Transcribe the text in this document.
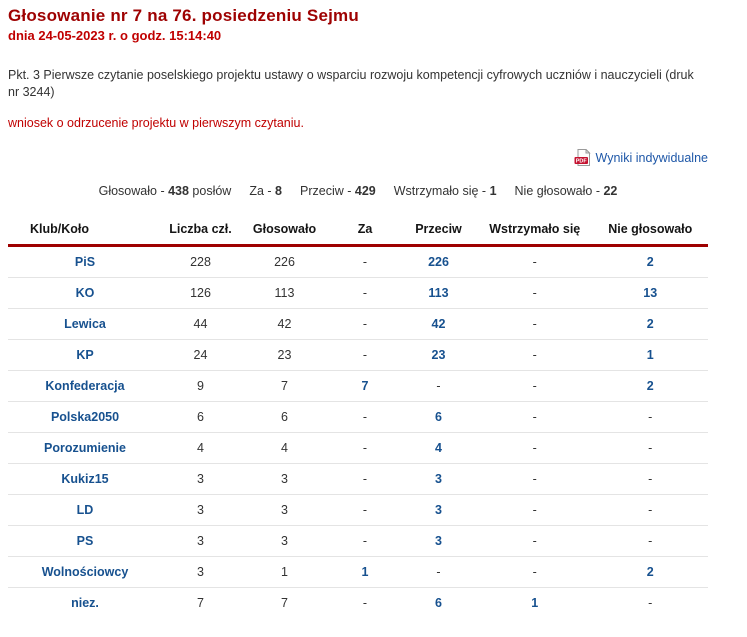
Głosowanie nr 7 na 76. posiedzeniu Sejmu
dnia 24-05-2023 r. o godz. 15:14:40

Pkt. 3 Pierwsze czytanie poselskiego projektu ustawy o wsparciu rozwoju kompetencji cyfrowych uczniów i nauczycieli (druk nr 3244)

wniosek o odrzucenie projektu w pierwszym czytaniu.

PDF Wyniki indywidualne
Głosowało - 438 posłów Za - 8 Przeciw - 429 Wstrzymało się - 1 Nie głosowało - 22
Klub/Koło	Liczba czł.	Głosowało	Za	Przeciw	Wstrzymało się	Nie głosowało
PiS	228	226	-	226	-	2
KO	126	113	-	113	-	13
Lewica	44	42	-	42	-	2
KP	24	23	-	23	-	1
Konfederacja	9	7	7	-	-	2
Polska2050	6	6	-	6	-	-
Porozumienie	4	4	-	4	-	-
Kukiz15	3	3	-	3	-	-
LD	3	3	-	3	-	-
PS	3	3	-	3	-	-
Wolnościowcy	3	1	1	-	-	2
niez.	7	7	-	6	1	-
